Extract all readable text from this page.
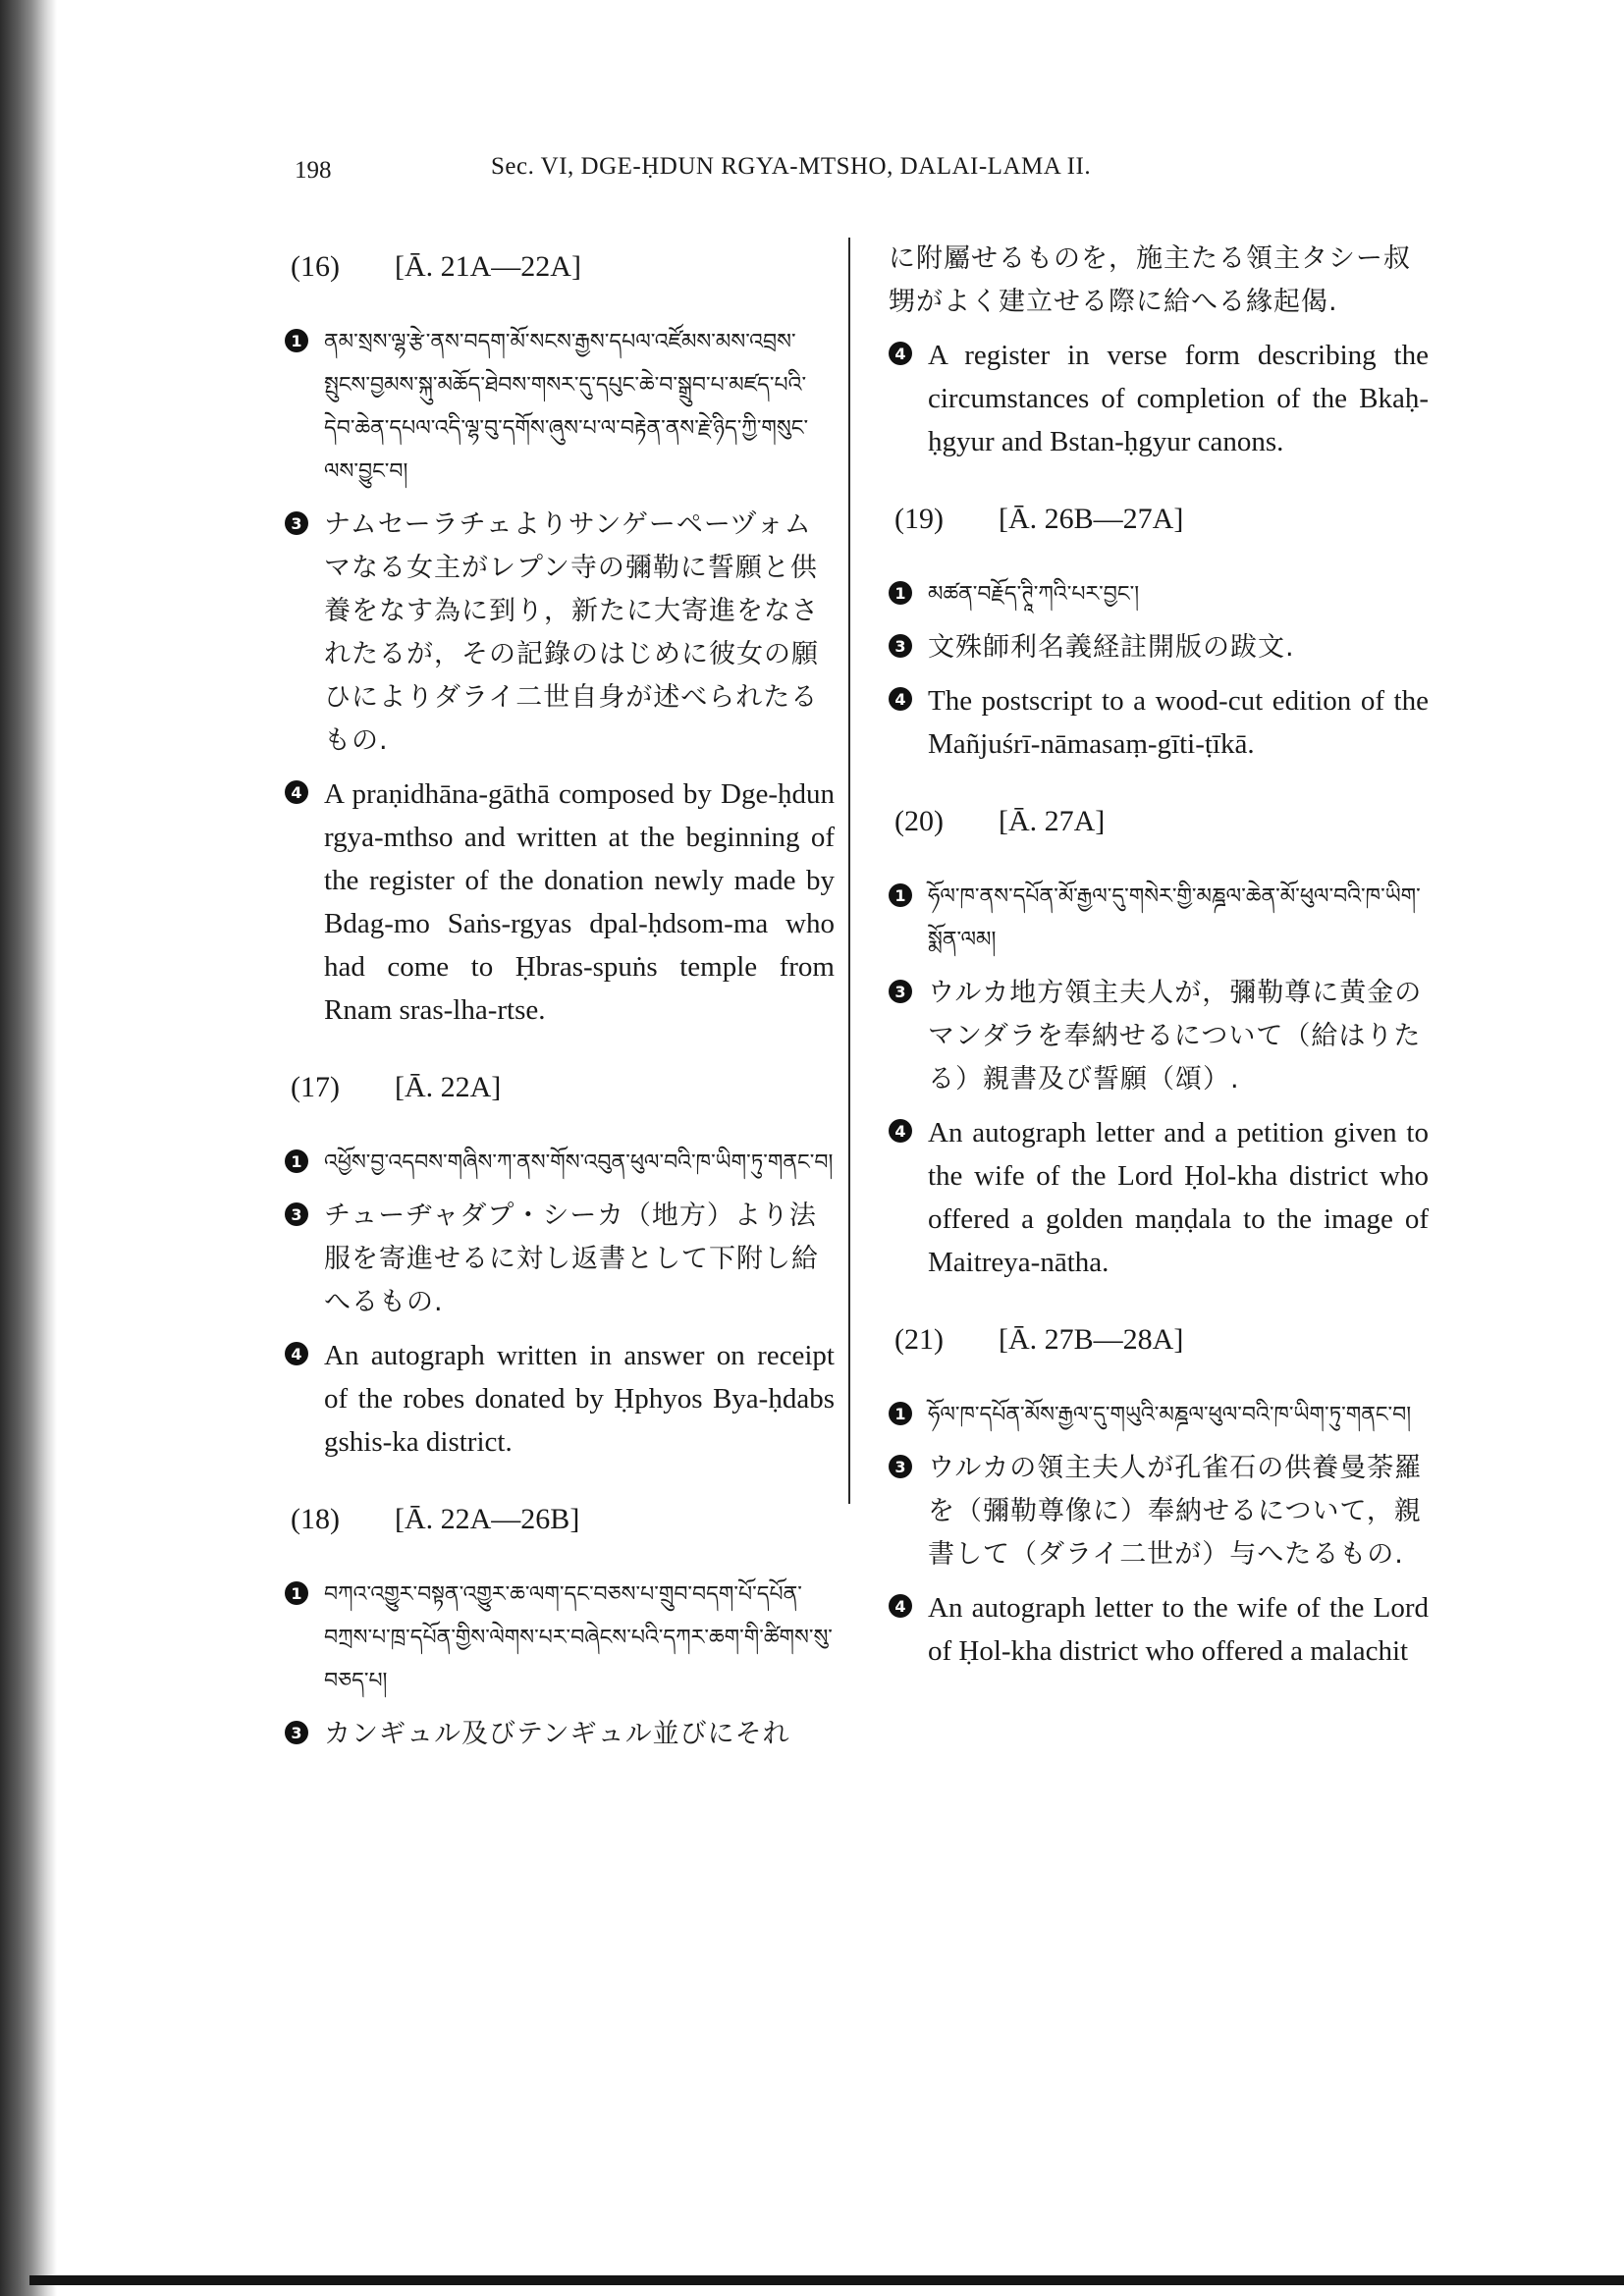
198	Sec. VI, DGE-ḤDUN RGYA-MTSHO, DALAI-LAMA II.
(16) [Ā. 21A—22A]
1 ནམ་སྲས་ལྷ་རྩེ་ནས་བདག་མོ་སངས་རྒྱས་དཔལ་འཛོམས་མས་འབྲས་སྤུངས་བྱམས་སྐུ་མཆོད་ཐེབས་གསར་དུ་དཔུང་ཆེ་བ་སྒྲུབ་པ་མཛད་པའི་དེབ་ཆེན་དཔལ་འདི་ལྷ་བུ་དགོས་ཞུས་པ་ལ་བརྟེན་ནས་རྗེ་ཉིད་ཀྱི་གསུང་ལས་བྱུང་བ།
3 ナムセーラチェよりサンゲーペーヅォムマなる女主がレプン寺の彌勒に誓願と供養をなす為に到り，新たに大寄進をなされたるが，その記錄のはじめに彼女の願ひによりダライ二世自身が述べられたるもの.
4 A praṇidhāna-gāthā composed by Dge-ḥdun rgya-mthso and written at the beginning of the register of the donation newly made by Bdag-mo Saṅs-rgyas dpal-ḥdsom-ma who had come to Ḥbras-spuṅs temple from Rnam sras-lha-rtse.
(17) [Ā. 22A]
1 འཕྱོས་བྱ་འདབས་གཞིས་ཀ་ནས་གོས་འབུན་ཕུལ་བའི་ཁ་ཡིག་ཏུ་གནང་བ།
3 チューヂャダプ・シーカ（地方）より法服を寄進せるに対し返書として下附し給へるもの.
4 An autograph written in answer on receipt of the robes donated by Ḥphyos Bya-ḥdabs gshis-ka district.
(18) [Ā. 22A—26B]
1 བཀའ་འགྱུར་བསྟན་འགྱུར་ཆ་ལག་དང་བཅས་པ་གྲུབ་བདག་པོ་དཔོན་བཀྲས་པ་ཁྲ་དཔོན་གྱིས་ལེགས་པར་བཞེངས་པའི་དཀར་ཆག་གི་ཚིགས་སུ་བཅད་པ།
3 カンギュル及びテンギュル並びにそれ
に附屬せるものを，施主たる領主タシー叔甥がよく建立せる際に給へる緣起偈.
4 A register in verse form describing the circumstances of completion of the Bkaḥ-ḥgyur and Bstan-ḥgyur canons.
(19) [Ā. 26B—27A]
1 མཚན་བརྗོད་ཊཱི་ཀའི་པར་བྱང་།
3 文殊師利名義経註開版の跋文.
4 The postscript to a wood-cut edition of the Mañjuśrī-nāmasaṃ-gīti-ṭīkā.
(20) [Ā. 27A]
1 ཧོལ་ཁ་ནས་དཔོན་མོ་རྒྱལ་དུ་གསེར་གྱི་མཎྜལ་ཆེན་མོ་ཕུལ་བའི་ཁ་ཡིག་སྨོན་ལམ།
3 ウルカ地方領主夫人が，彌勒尊に黄金のマンダラを奉納せるについて（給はりたる）親書及び誓願（頌）.
4 An autograph letter and a petition given to the wife of the Lord Ḥol-kha district who offered a golden maṇḍala to the image of Maitreya-nātha.
(21) [Ā. 27B—28A]
1 ཧོལ་ཁ་དཔོན་མོས་རྒྱལ་དུ་གཡུའི་མཎྜལ་ཕུལ་བའི་ཁ་ཡིག་ཏུ་གནང་བ།
3 ウルカの領主夫人が孔雀石の供養曼荼羅を（彌勒尊像に）奉納せるについて，親書して（ダライ二世が）与へたるもの.
4 An autograph letter to the wife of the Lord of Ḥol-kha district who offered a malachit
